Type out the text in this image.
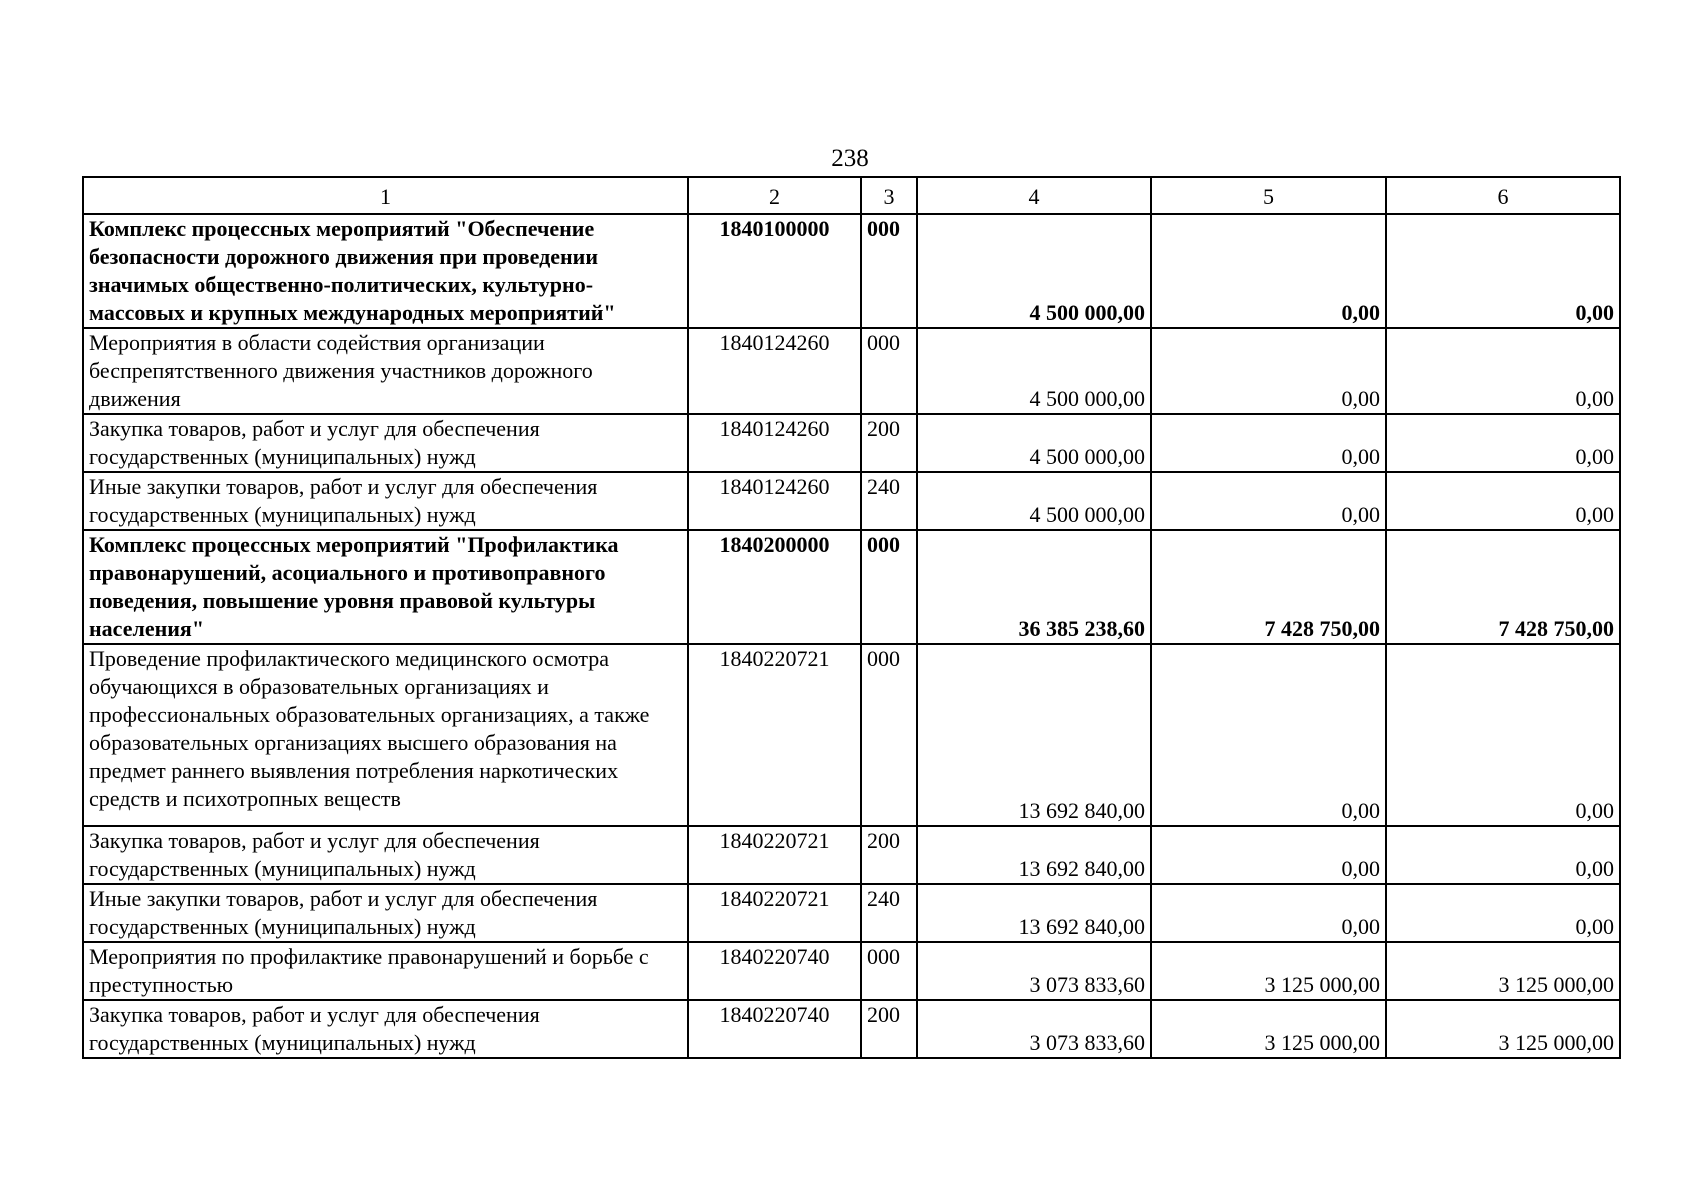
238
1	2	3	4	5	6
Комплекс процессных мероприятий "Обеспечение безопасности дорожного движения при проведении значимых общественно-политических, культурно-массовых и крупных международных мероприятий"	1840100000	000	4 500 000,00	0,00	0,00
Мероприятия в области содействия организации беспрепятственного движения участников дорожного движения	1840124260	000	4 500 000,00	0,00	0,00
Закупка товаров, работ и услуг для обеспечения государственных (муниципальных) нужд	1840124260	200	4 500 000,00	0,00	0,00
Иные закупки товаров, работ и услуг для обеспечения государственных (муниципальных) нужд	1840124260	240	4 500 000,00	0,00	0,00
Комплекс процессных мероприятий "Профилактика правонарушений, асоциального и противоправного поведения, повышение уровня правовой культуры населения"	1840200000	000	36 385 238,60	7 428 750,00	7 428 750,00
Проведение профилактического медицинского осмотра обучающихся в образовательных организациях и профессиональных образовательных организациях, а также образовательных организациях высшего образования на предмет раннего выявления потребления наркотических средств и психотропных веществ	1840220721	000	13 692 840,00	0,00	0,00
Закупка товаров, работ и услуг для обеспечения государственных (муниципальных) нужд	1840220721	200	13 692 840,00	0,00	0,00
Иные закупки товаров, работ и услуг для обеспечения государственных (муниципальных) нужд	1840220721	240	13 692 840,00	0,00	0,00
Мероприятия по профилактике правонарушений и борьбе с преступностью	1840220740	000	3 073 833,60	3 125 000,00	3 125 000,00
Закупка товаров, работ и услуг для обеспечения государственных (муниципальных) нужд	1840220740	200	3 073 833,60	3 125 000,00	3 125 000,00
